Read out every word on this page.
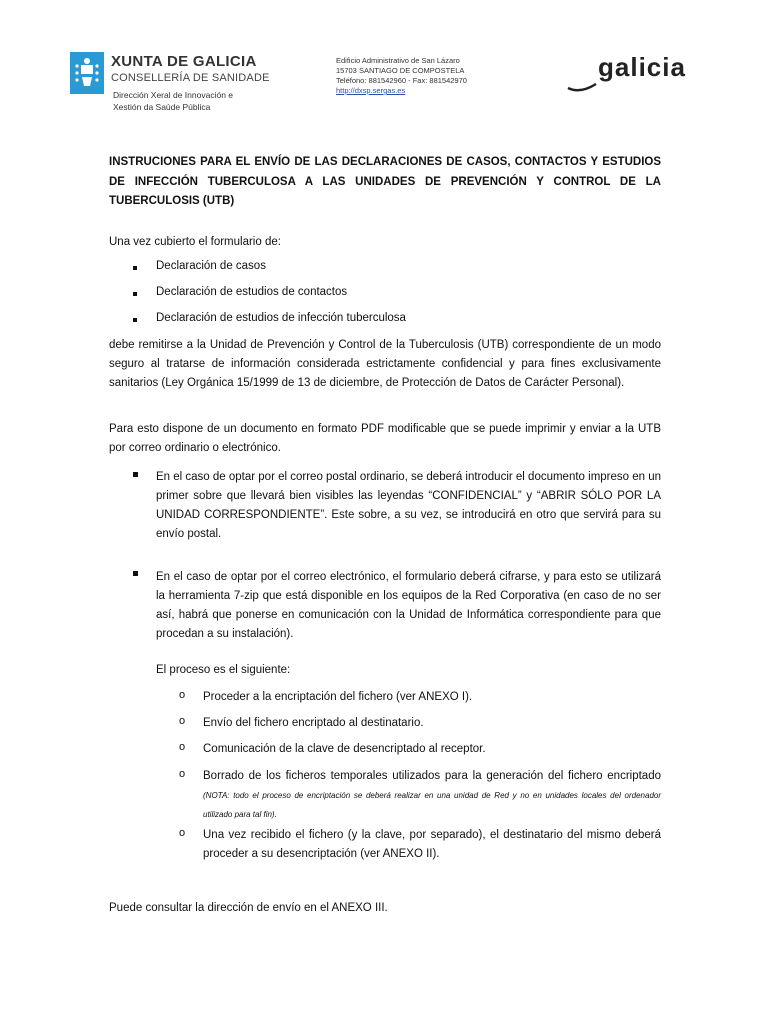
XUNTA DE GALICIA
CONSELLERÍA DE SANIDADE
Dirección Xeral de Innovación e
Xestión da Saúde Pública
Edificio Administrativo de San Lázaro
15703 SANTIAGO DE COMPOSTELA
Teléfono: 881542960 - Fax: 881542970
http://dxsp.sergas.es
galicia
INSTRUCIONES PARA EL ENVÍO DE LAS DECLARACIONES DE CASOS, CONTACTOS Y ESTUDIOS DE INFECCIÓN TUBERCULOSA A LAS UNIDADES DE PREVENCIÓN Y CONTROL DE LA TUBERCULOSIS (UTB)
Una vez cubierto el formulario de:
Declaración de casos
Declaración de estudios de contactos
Declaración de estudios de infección tuberculosa
debe remitirse a la Unidad de Prevención y Control de la Tuberculosis (UTB) correspondiente de un modo seguro al tratarse de información considerada estrictamente confidencial y para fines exclusivamente sanitarios (Ley Orgánica 15/1999 de 13 de diciembre, de Protección de Datos de Carácter Personal).
Para esto dispone de un documento en formato PDF modificable que se puede imprimir y enviar a la UTB por correo ordinario o electrónico.
En el caso de optar por el correo postal ordinario, se deberá introducir el documento impreso en un primer sobre que llevará bien visibles las leyendas “CONFIDENCIAL” y “ABRIR SÓLO POR LA UNIDAD CORRESPONDIENTE”. Este sobre, a su vez, se introducirá en otro que servirá para su envío postal.
En el caso de optar por el correo electrónico, el formulario deberá cifrarse, y para esto se utilizará la herramienta 7-zip que está disponible en los equipos de la Red Corporativa (en caso de no ser así, habrá que ponerse en comunicación con la Unidad de Informática correspondiente para que procedan a su instalación).
El proceso es el siguiente:
o Proceder a la encriptación del fichero (ver ANEXO I).
o Envío del fichero encriptado al destinatario.
o Comunicación de la clave de desencriptado al receptor.
o Borrado de los ficheros temporales utilizados para la generación del fichero encriptado (NOTA: todo el proceso de encriptación se deberá realizar en una unidad de Red y no en unidades locales del ordenador utilizado para tal fin).
o Una vez recibido el fichero (y la clave, por separado), el destinatario del mismo deberá proceder a su desencriptación (ver ANEXO II).
Puede consultar la dirección de envío en el ANEXO III.
